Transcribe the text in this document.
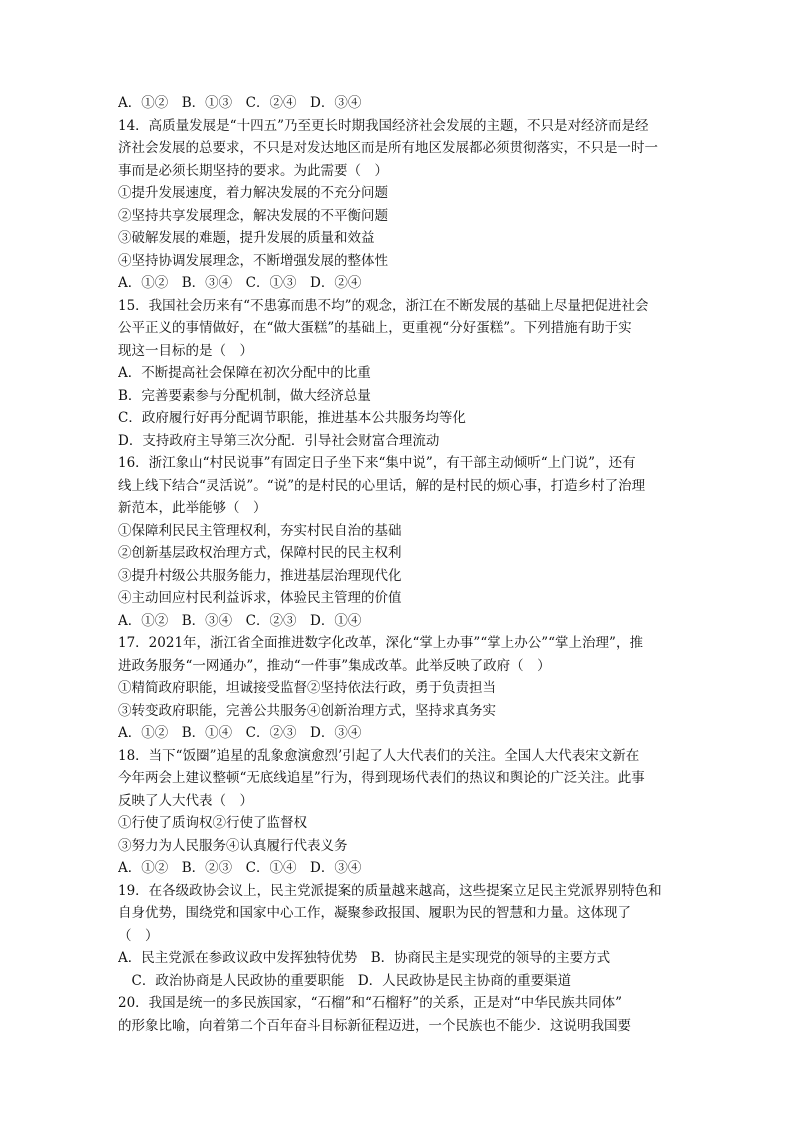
A．①②　B．①③　C．②④　D．③④
14．高质量发展是“十四五”乃至更长时期我国经济社会发展的主题，不只是对经济而是经
济社会发展的总要求，不只是对发达地区而是所有地区发展都必须贯彻落实，不只是一时一
事而是必须长期坚持的要求。为此需要（　）
①提升发展速度，着力解决发展的不充分问题
②坚持共享发展理念，解决发展的不平衡问题
③破解发展的难题，提升发展的质量和效益
④坚持协调发展理念，不断增强发展的整体性
A．①②　B．③④　C．①③　D．②④
15．我国社会历来有“不患寡而患不均”的观念，浙江在不断发展的基础上尽量把促进社会
公平正义的事情做好，在“做大蛋糕”的基础上，更重视“分好蛋糕”。下列措施有助于实
现这一目标的是（　）
A．不断提高社会保障在初次分配中的比重
B．完善要素参与分配机制，做大经济总量
C．政府履行好再分配调节职能，推进基本公共服务均等化
D．支持政府主导第三次分配．引导社会财富合理流动
16．浙江象山“村民说事”有固定日子坐下来“集中说”，有干部主动倾听“上门说”，还有
线上线下结合“灵活说”。“说”的是村民的心里话，解的是村民的烦心事，打造乡村了治理
新范本，此举能够（　）
①保障利民民主管理权利，夯实村民自治的基础
②创新基层政权治理方式，保障村民的民主权利
③提升村级公共服务能力，推进基层治理现代化
④主动回应村民利益诉求，体验民主管理的价值
A．①②　B．③④　C．②③　D．①④
17．2021年，浙江省全面推进数字化改革，深化“掌上办事”“掌上办公”“掌上治理”，推
进政务服务“一网通办”，推动“一件事”集成改革。此举反映了政府（　）
①精简政府职能，坦诚接受监督②坚持依法行政，勇于负责担当
③转变政府职能，完善公共服务④创新治理方式，坚持求真务实
A．①②　B．①④　C．②③　D．③④
18．当下“饭圈”追星的乱象愈演愈烈’引起了人大代表们的关注。全国人大代表宋文新在
今年两会上建议整顿“无底线追星”行为，得到现场代表们的热议和舆论的广泛关注。此事
反映了人大代表（　）
①行使了质询权②行使了监督权
③努力为人民服务④认真履行代表义务
A．①②　B．②③　C．①④　D．③④
19．在各级政协会议上，民主党派提案的质量越来越高，这些提案立足民主党派界别特色和
自身优势，围绕党和国家中心工作，凝聚参政报国、履职为民的智慧和力量。这体现了
（　）
A．民主党派在参政议政中发挥独特优势　B．协商民主是实现党的领导的主要方式
　C．政治协商是人民政协的重要职能　D．人民政协是民主协商的重要渠道
20．我国是统一的多民族国家，“石榴”和“石榴籽”的关系，正是对“中华民族共同体”
的形象比喻，向着第二个百年奋斗目标新征程迈进，一个民族也不能少．这说明我国要
